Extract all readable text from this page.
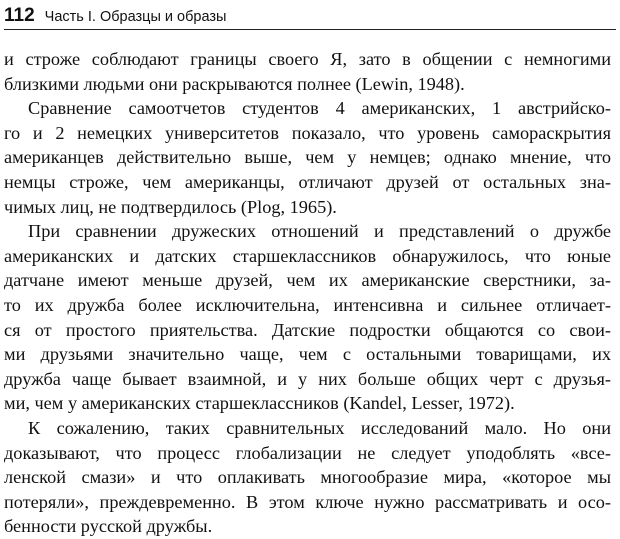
112 Часть I. Образцы и образы
и строже соблюдают границы своего Я, зато в общении с немногими
близкими людьми они раскрываются полнее (Lewin, 1948).
Сравнение самоотчетов студентов 4 американских, 1 австрийско-
го и 2 немецких университетов показало, что уровень самораскрытия
американцев действительно выше, чем у немцев; однако мнение, что
немцы строже, чем американцы, отличают друзей от остальных зна-
чимых лиц, не подтвердилось (Plog, 1965).
При сравнении дружеских отношений и представлений о дружбе
американских и датских старшеклассников обнаружилось, что юные
датчане имеют меньше друзей, чем их американские сверстники, за-
то их дружба более исключительна, интенсивна и сильнее отличает-
ся от простого приятельства. Датские подростки общаются со свои-
ми друзьями значительно чаще, чем с остальными товарищами, их
дружба чаще бывает взаимной, и у них больше общих черт с друзья-
ми, чем у американских старшеклассников (Kandel, Lesser, 1972).
К сожалению, таких сравнительных исследований мало. Но они
доказывают, что процесс глобализации не следует уподоблять «все-
ленской смази» и что оплакивать многообразие мира, «которое мы
потеряли», преждевременно. В этом ключе нужно рассматривать и осо-
бенности русской дружбы.
